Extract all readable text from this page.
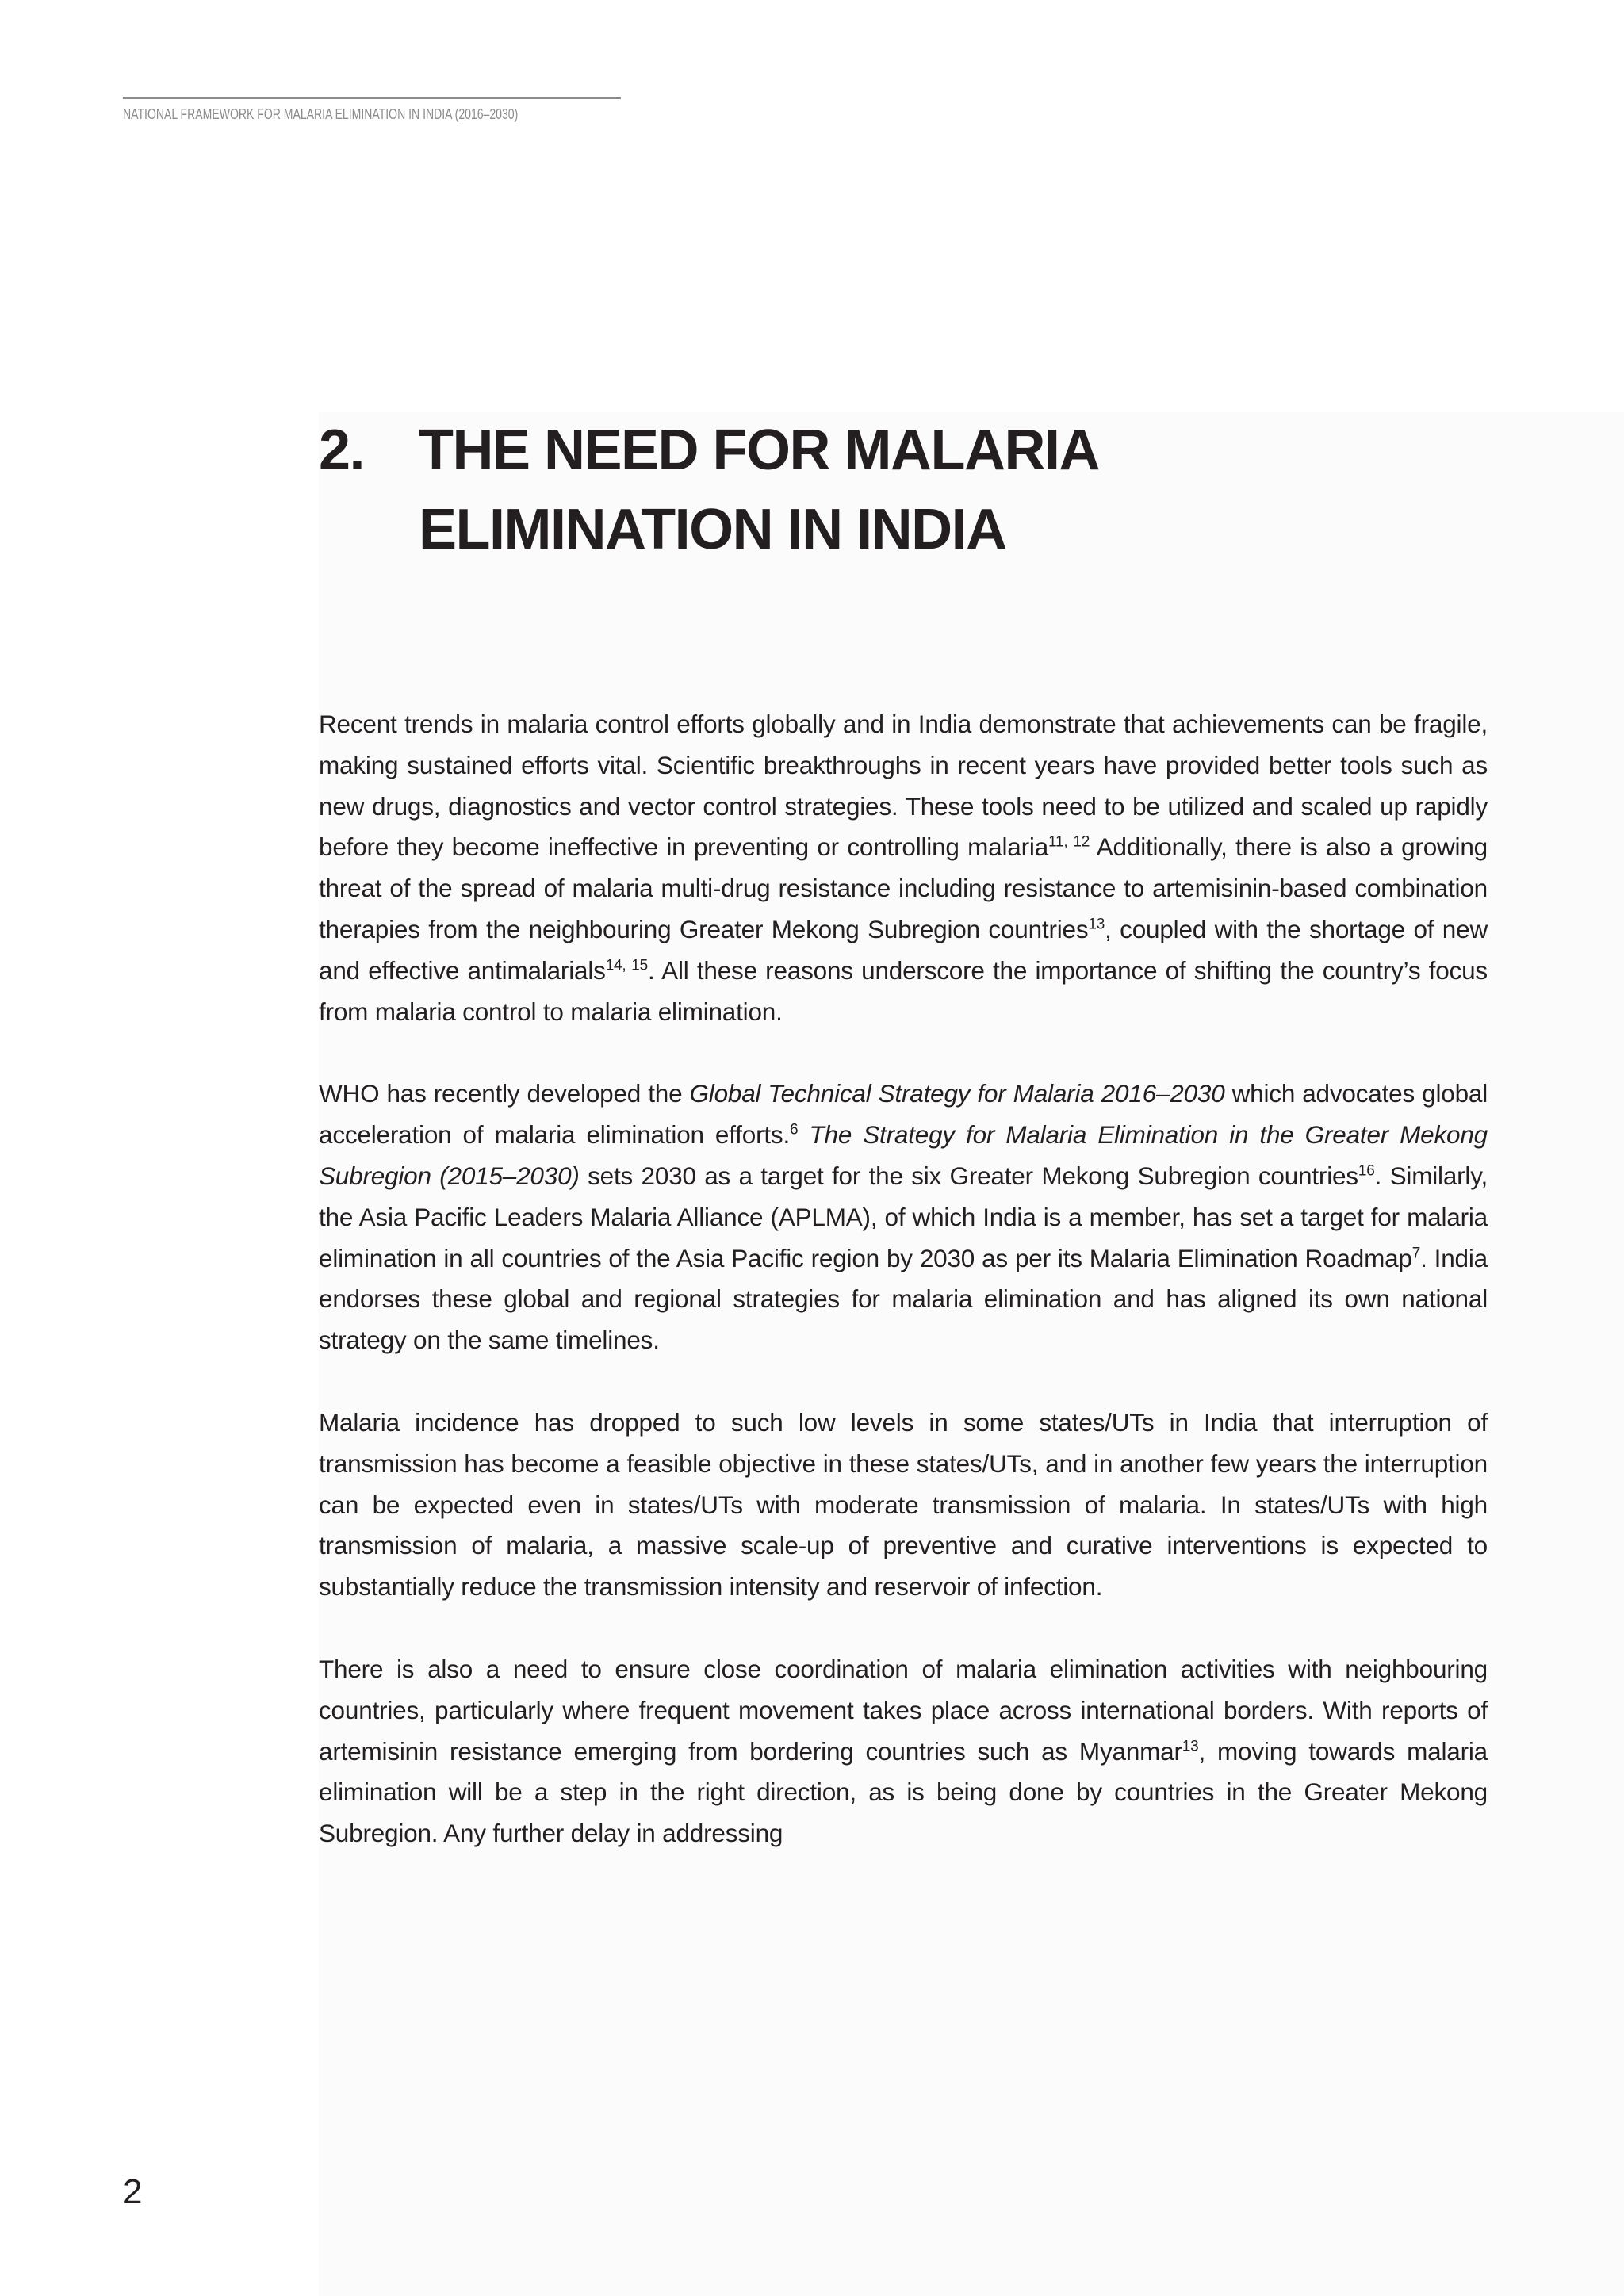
NATIONAL FRAMEWORK FOR MALARIA ELIMINATION IN INDIA (2016–2030)
2. THE NEED FOR MALARIA ELIMINATION IN INDIA

Recent trends in malaria control efforts globally and in India demonstrate that achievements can be fragile, making sustained efforts vital. Scientific breakthroughs in recent years have provided better tools such as new drugs, diagnostics and vector control strategies. These tools need to be utilized and scaled up rapidly before they become ineffective in preventing or controlling malaria$^{11, 12}$ Additionally, there is also a growing threat of the spread of malaria multi-drug resistance including resistance to artemisinin-based combination therapies from the neighbouring Greater Mekong Subregion countries$^{13}$, coupled with the shortage of new and effective antimalarials$^{14, 15}$. All these reasons underscore the importance of shifting the country’s focus from malaria control to malaria elimination.

WHO has recently developed the Global Technical Strategy for Malaria 2016–2030 which advocates global acceleration of malaria elimination efforts.$^6$ The Strategy for Malaria Elimination in the Greater Mekong Subregion (2015–2030) sets 2030 as a target for the six Greater Mekong Subregion countries$^{16}$. Similarly, the Asia Pacific Leaders Malaria Alliance (APLMA), of which India is a member, has set a target for malaria elimination in all countries of the Asia Pacific region by 2030 as per its Malaria Elimination Roadmap$^7$. India endorses these global and regional strategies for malaria elimination and has aligned its own national strategy on the same timelines.

Malaria incidence has dropped to such low levels in some states/UTs in India that interruption of transmission has become a feasible objective in these states/UTs, and in another few years the interruption can be expected even in states/UTs with moderate transmission of malaria. In states/UTs with high transmission of malaria, a massive scale-up of preventive and curative interventions is expected to substantially reduce the transmission intensity and reservoir of infection.

There is also a need to ensure close coordination of malaria elimination activities with neighbouring countries, particularly where frequent movement takes place across international borders. With reports of artemisinin resistance emerging from bordering countries such as Myanmar$^{13}$, moving towards malaria elimination will be a step in the right direction, as is being done by countries in the Greater Mekong Subregion. Any further delay in addressing

2
